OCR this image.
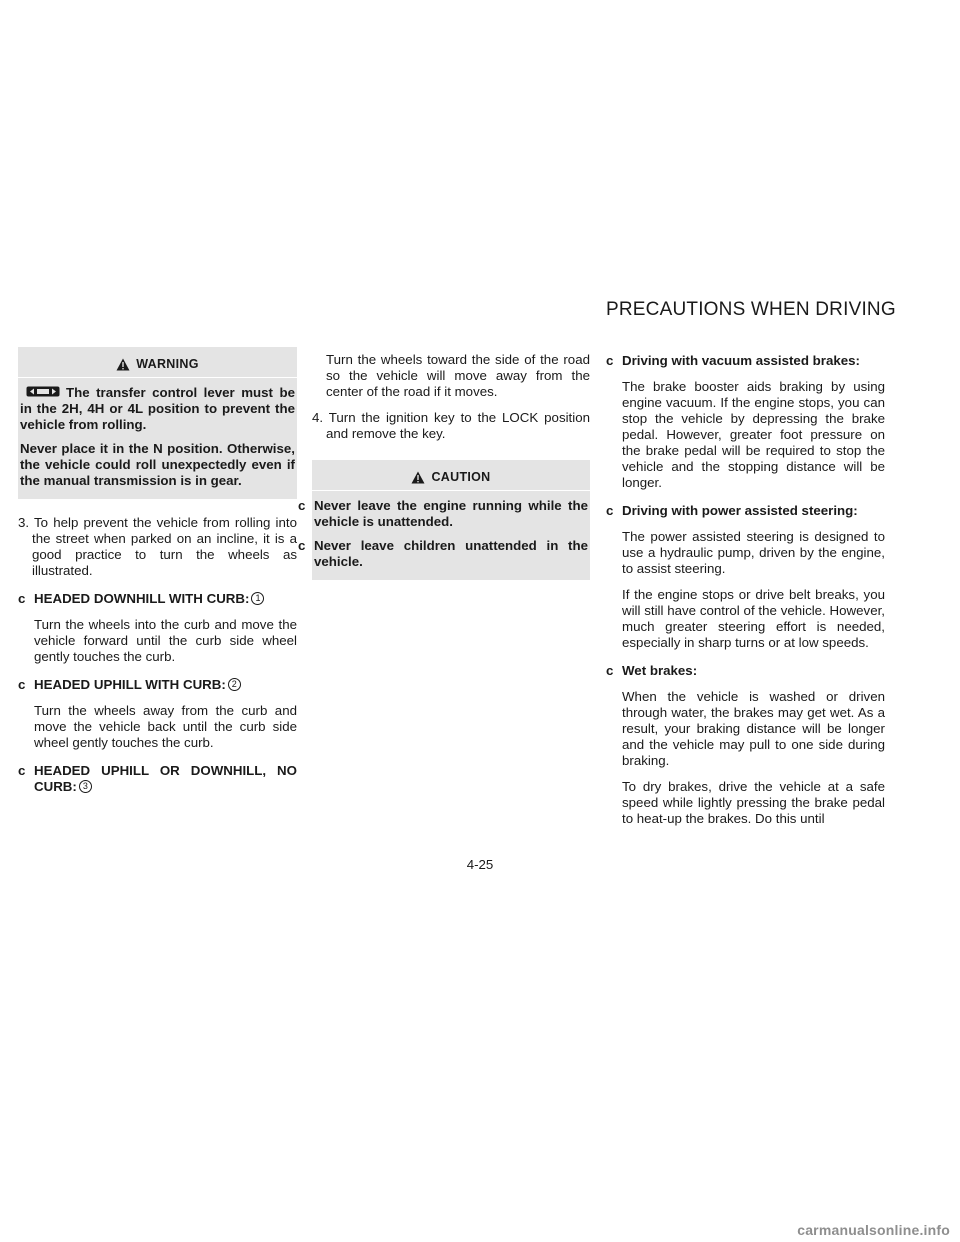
PRECAUTIONS WHEN DRIVING
WARNING

The transfer control lever must be in the 2H, 4H or 4L position to prevent the vehicle from rolling.

Never place it in the N position. Otherwise, the vehicle could roll unexpectedly even if the manual transmission is in gear.

3. To help prevent the vehicle from rolling into the street when parked on an incline, it is a good practice to turn the wheels as illustrated.

c HEADED DOWNHILL WITH CURB: 1

Turn the wheels into the curb and move the vehicle forward until the curb side wheel gently touches the curb.

c HEADED UPHILL WITH CURB: 2

Turn the wheels away from the curb and move the vehicle back until the curb side wheel gently touches the curb.

c HEADED UPHILL OR DOWNHILL, NO CURB: 3

Turn the wheels toward the side of the road so the vehicle will move away from the center of the road if it moves.

4. Turn the ignition key to the LOCK position and remove the key.

CAUTION

c Never leave the engine running while the vehicle is unattended.

c Never leave children unattended in the vehicle.

c Driving with vacuum assisted brakes:

The brake booster aids braking by using engine vacuum. If the engine stops, you can stop the vehicle by depressing the brake pedal. However, greater foot pressure on the brake pedal will be required to stop the vehicle and the stopping distance will be longer.

c Driving with power assisted steering:

The power assisted steering is designed to use a hydraulic pump, driven by the engine, to assist steering.

If the engine stops or drive belt breaks, you will still have control of the vehicle. However, much greater steering effort is needed, especially in sharp turns or at low speeds.

c Wet brakes:

When the vehicle is washed or driven through water, the brakes may get wet. As a result, your braking distance will be longer and the vehicle may pull to one side during braking.

To dry brakes, drive the vehicle at a safe speed while lightly pressing the brake pedal to heat-up the brakes. Do this until

4-25
carmanualsonline.info
